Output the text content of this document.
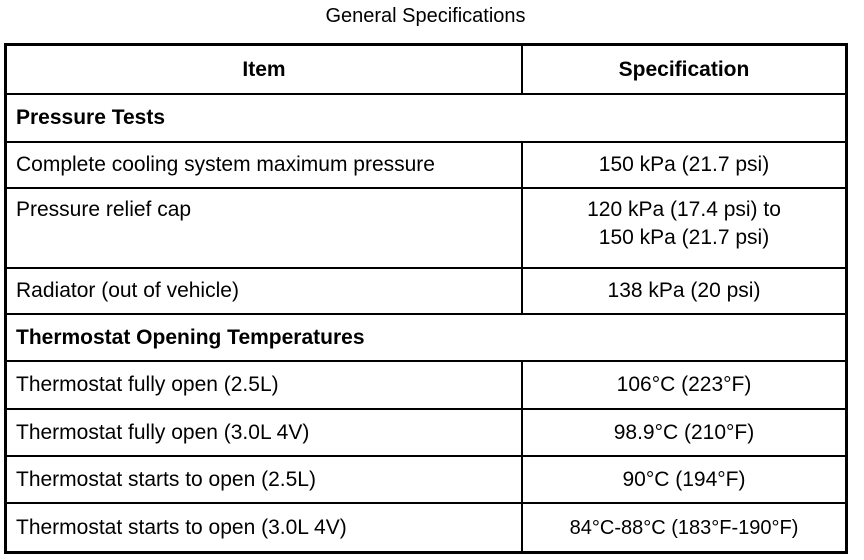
General Specifications
Item	Specification
Pressure Tests
Complete cooling system maximum pressure	150 kPa (21.7 psi)
Pressure relief cap	120 kPa (17.4 psi) to
150 kPa (21.7 psi)
Radiator (out of vehicle)	138 kPa (20 psi)
Thermostat Opening Temperatures
Thermostat fully open (2.5L)	106°C (223°F)
Thermostat fully open (3.0L 4V)	98.9°C (210°F)
Thermostat starts to open (2.5L)	90°C (194°F)
Thermostat starts to open (3.0L 4V)	84°C-88°C (183°F-190°F)
